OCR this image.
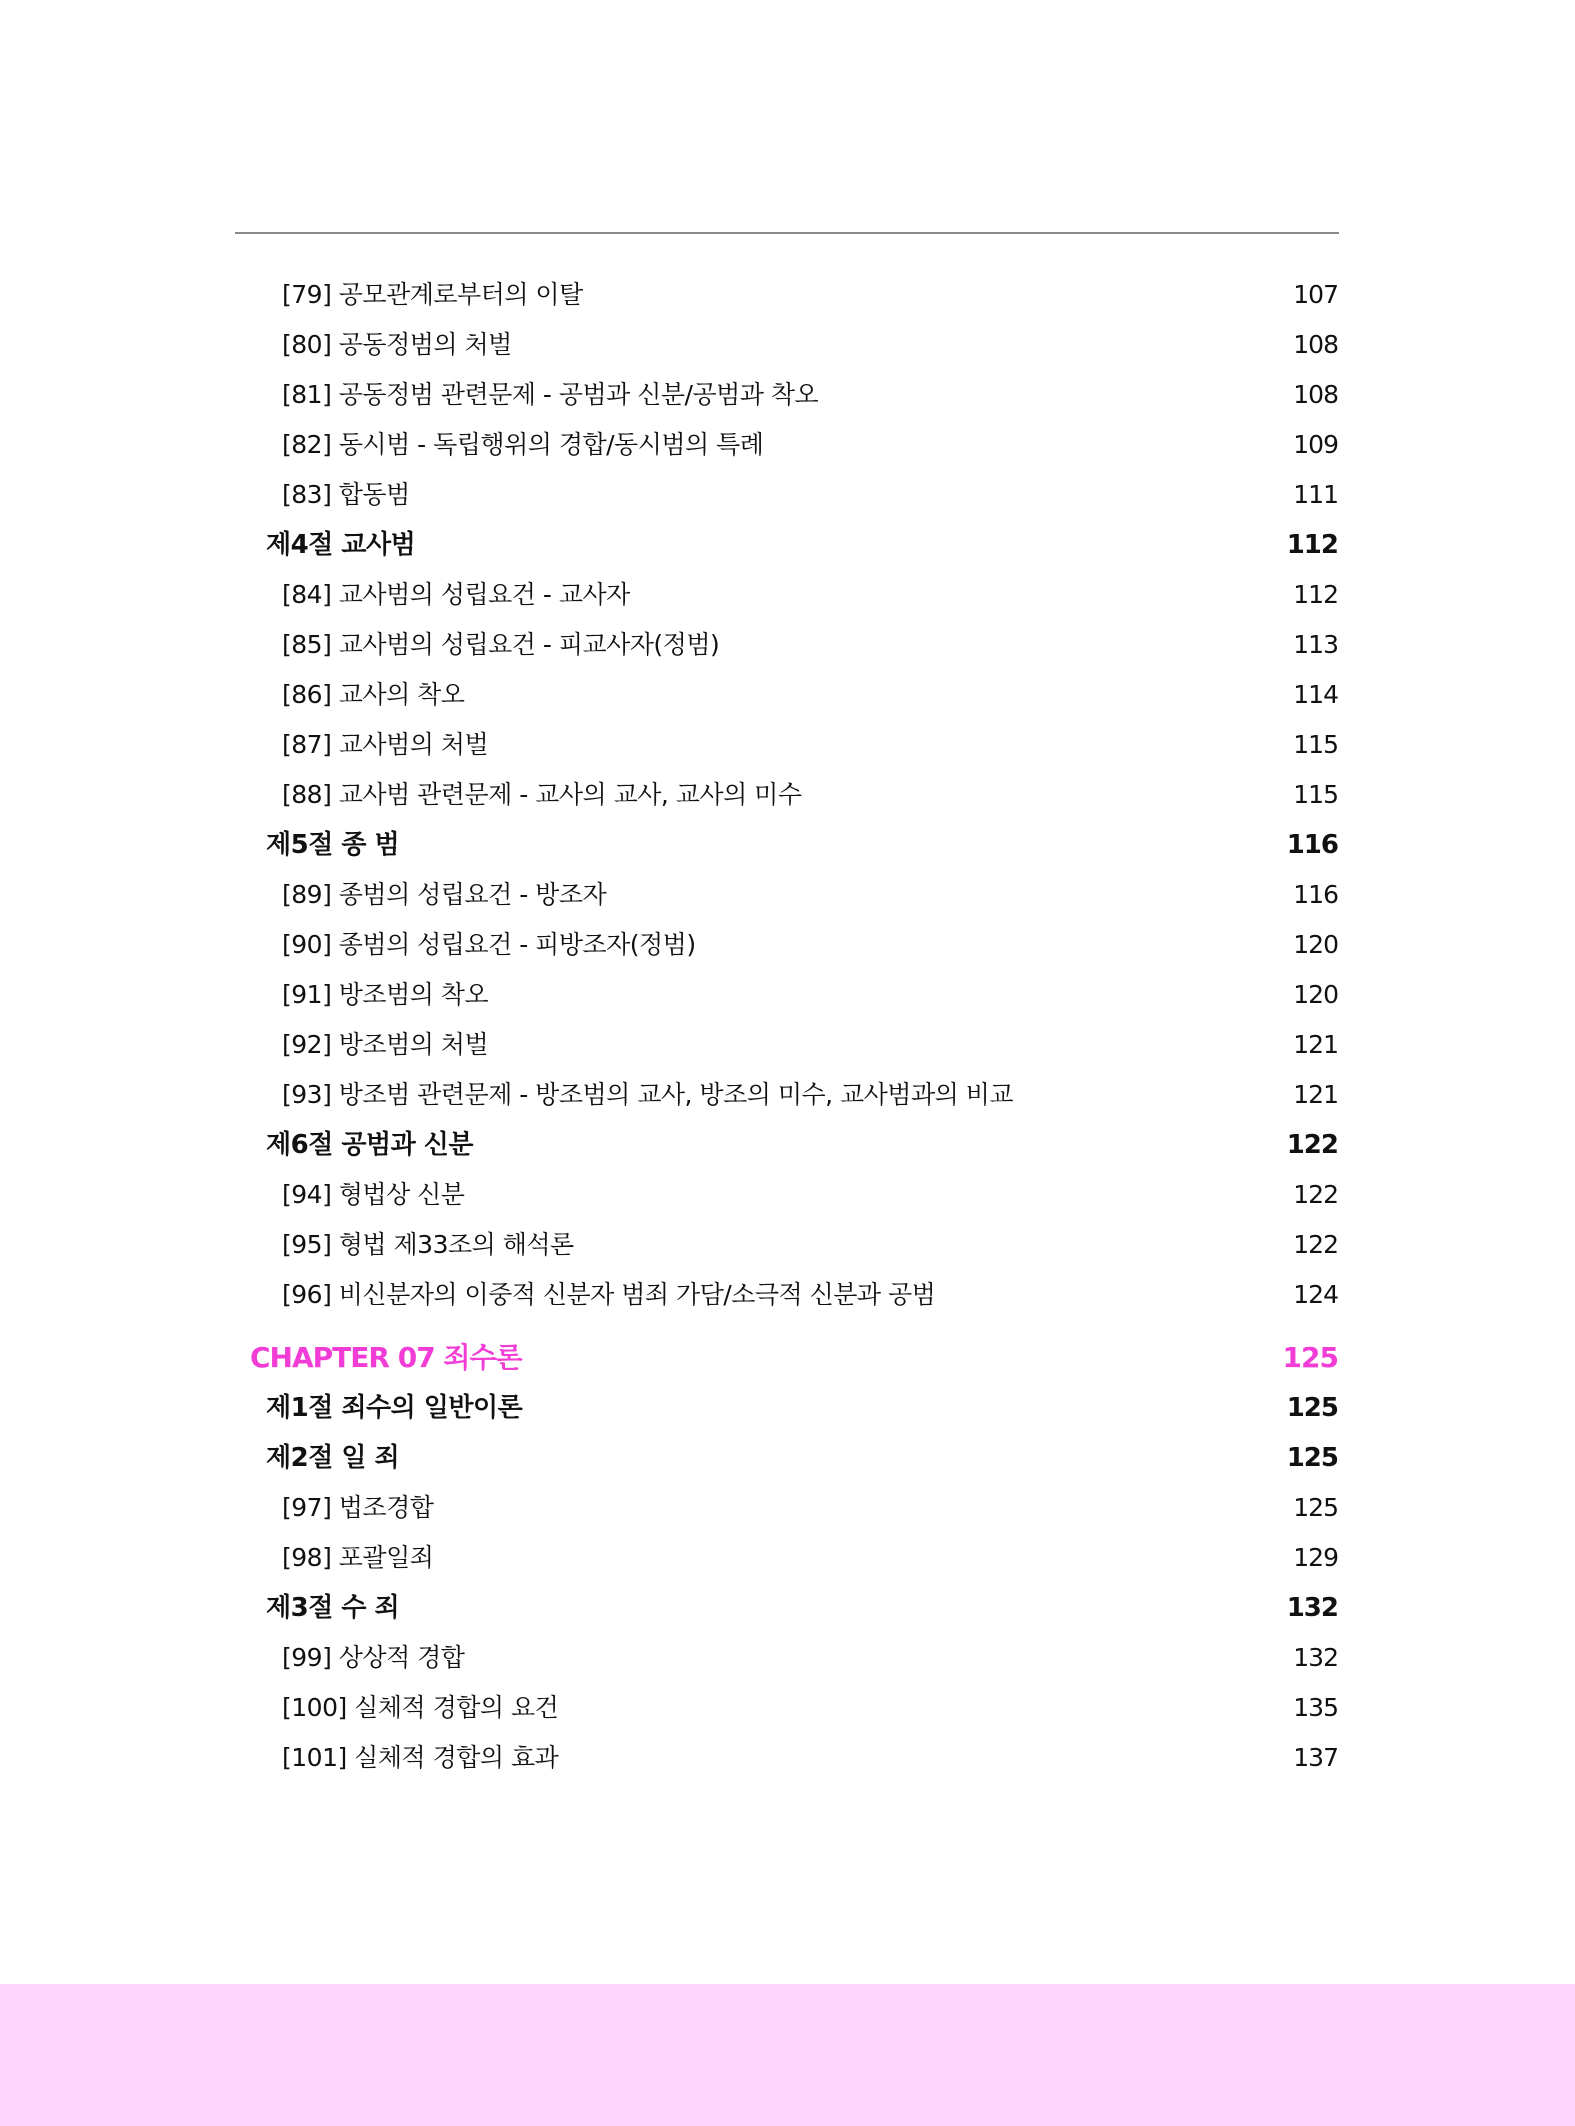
[79] 공모관계로부터의 이탈	107
[80] 공동정범의 처벌	108
[81] 공동정범 관련문제 - 공범과 신분/공범과 착오	108
[82] 동시범 - 독립행위의 경합/동시범의 특례	109
[83] 합동범	111
제4절 교사범	112
[84] 교사범의 성립요건 - 교사자	112
[85] 교사범의 성립요건 - 피교사자(정범)	113
[86] 교사의 착오	114
[87] 교사범의 처벌	115
[88] 교사범 관련문제 - 교사의 교사, 교사의 미수	115
제5절 종 범	116
[89] 종범의 성립요건 - 방조자	116
[90] 종범의 성립요건 - 피방조자(정범)	120
[91] 방조범의 착오	120
[92] 방조범의 처벌	121
[93] 방조범 관련문제 - 방조범의 교사, 방조의 미수, 교사범과의 비교	121
제6절 공범과 신분	122
[94] 형법상 신분	122
[95] 형법 제33조의 해석론	122
[96] 비신분자의 이중적 신분자 범죄 가담/소극적 신분과 공범	124
CHAPTER 07 죄수론	125
제1절 죄수의 일반이론	125
제2절 일 죄	125
[97] 법조경합	125
[98] 포괄일죄	129
제3절 수 죄	132
[99] 상상적 경합	132
[100] 실체적 경합의 요건	135
[101] 실체적 경합의 효과	137
